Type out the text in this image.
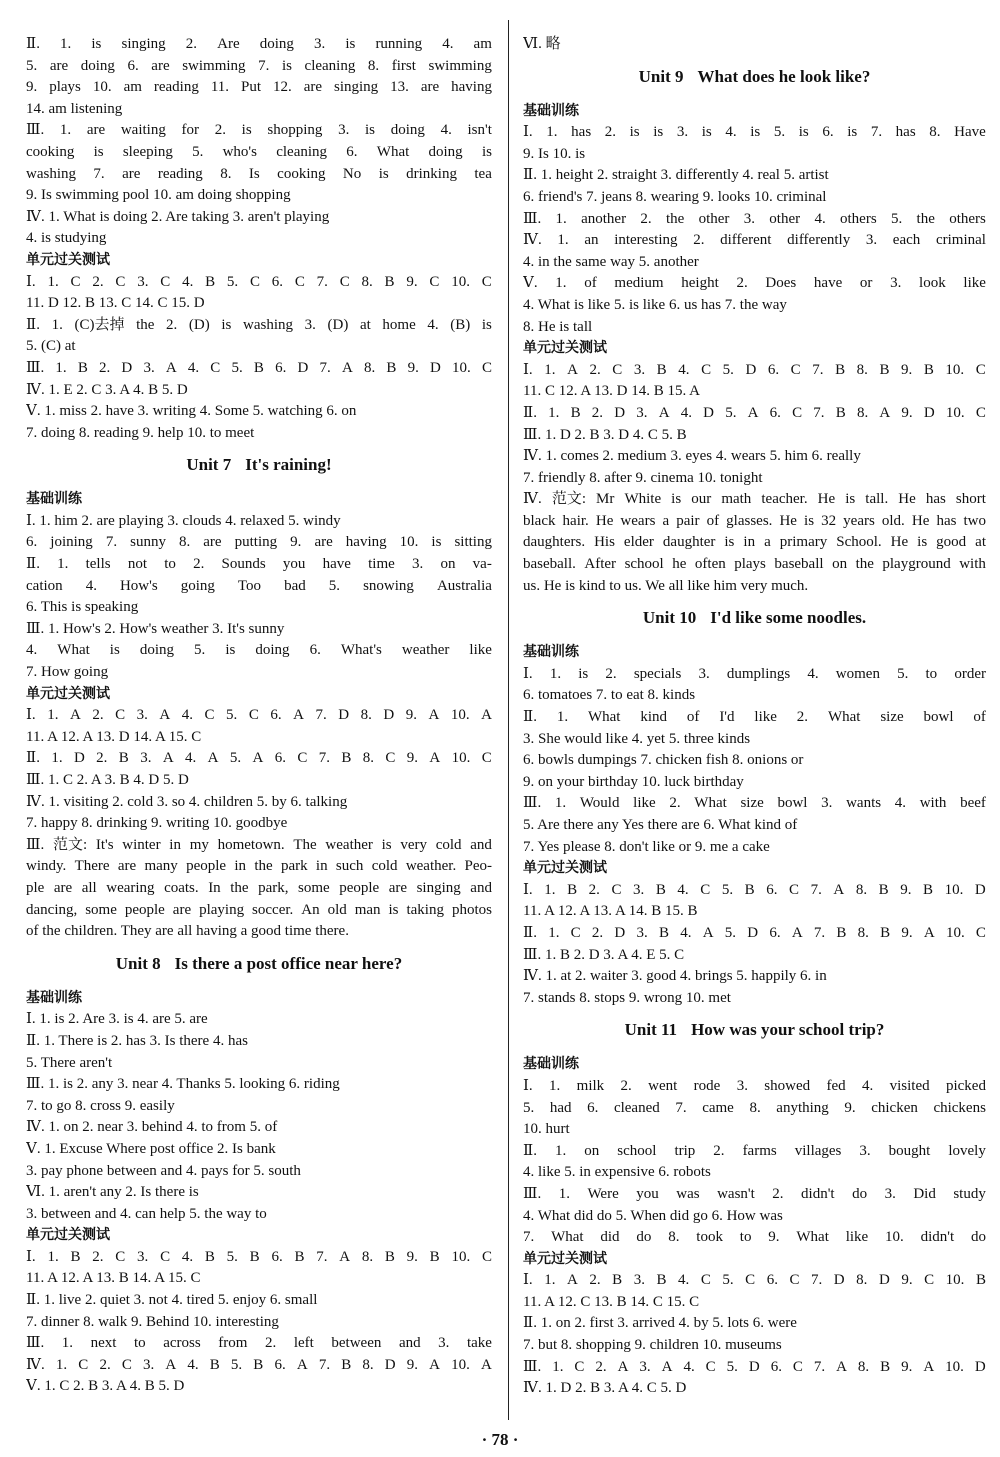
Ⅱ. 1. is singing 2. Are doing 3. is running 4. am
5. are doing 6. are swimming 7. is cleaning 8. first swimming
9. plays 10. am reading 11. Put 12. are singing 13. are having
14. am listening
Ⅲ. 1. are waiting for 2. is shopping 3. is doing 4. isn't
cooking is sleeping 5. who's cleaning 6. What doing is
washing 7. are reading 8. Is cooking No is drinking tea
9. Is swimming pool 10. am doing shopping
Ⅳ. 1. What is doing 2. Are taking 3. aren't playing
4. is studying
单元过关测试
Ⅰ. 1. C 2. C 3. C 4. B 5. C 6. C 7. C 8. B 9. C 10. C
11. D 12. B 13. C 14. C 15. D
Ⅱ. 1. (C)去掉 the 2. (D) is washing 3. (D) at home 4. (B) is
5. (C) at
Ⅲ. 1. B 2. D 3. A 4. C 5. B 6. D 7. A 8. B 9. D 10. C
Ⅳ. 1. E 2. C 3. A 4. B 5. D
Ⅴ. 1. miss 2. have 3. writing 4. Some 5. watching 6. on
7. doing 8. reading 9. help 10. to meet
Unit 7 It's raining!
基础训练
Ⅰ. 1. him 2. are playing 3. clouds 4. relaxed 5. windy
6. joining 7. sunny 8. are putting 9. are having 10. is sitting
Ⅱ. 1. tells not to 2. Sounds you have time 3. on va-
cation 4. How's going Too bad 5. snowing Australia
6. This is speaking
Ⅲ. 1. How's 2. How's weather 3. It's sunny
4. What is doing 5. is doing 6. What's weather like
7. How going
单元过关测试
Ⅰ. 1. A 2. C 3. A 4. C 5. C 6. A 7. D 8. D 9. A 10. A
11. A 12. A 13. D 14. A 15. C
Ⅱ. 1. D 2. B 3. A 4. A 5. A 6. C 7. B 8. C 9. A 10. C
Ⅲ. 1. C 2. A 3. B 4. D 5. D
Ⅳ. 1. visiting 2. cold 3. so 4. children 5. by 6. talking
7. happy 8. drinking 9. writing 10. goodbye
Ⅲ. 范文: It's winter in my hometown. The weather is very cold and
windy. There are many people in the park in such cold weather. Peo-
ple are all wearing coats. In the park, some people are singing and
dancing, some people are playing soccer. An old man is taking photos
of the children. They are all having a good time there.
Unit 8 Is there a post office near here?
基础训练
Ⅰ. 1. is 2. Are 3. is 4. are 5. are
Ⅱ. 1. There is 2. has 3. Is there 4. has
5. There aren't
Ⅲ. 1. is 2. any 3. near 4. Thanks 5. looking 6. riding
7. to go 8. cross 9. easily
Ⅳ. 1. on 2. near 3. behind 4. to from 5. of
Ⅴ. 1. Excuse Where post office 2. Is bank
3. pay phone between and 4. pays for 5. south
Ⅵ. 1. aren't any 2. Is there is
3. between and 4. can help 5. the way to
单元过关测试
Ⅰ. 1. B 2. C 3. C 4. B 5. B 6. B 7. A 8. B 9. B 10. C
11. A 12. A 13. B 14. A 15. C
Ⅱ. 1. live 2. quiet 3. not 4. tired 5. enjoy 6. small
7. dinner 8. walk 9. Behind 10. interesting
Ⅲ. 1. next to across from 2. left between and 3. take
Ⅳ. 1. C 2. C 3. A 4. B 5. B 6. A 7. B 8. D 9. A 10. A
Ⅴ. 1. C 2. B 3. A 4. B 5. D
Ⅵ. 略
Unit 9 What does he look like?
基础训练
Ⅰ. 1. has 2. is is 3. is 4. is 5. is 6. is 7. has 8. Have
9. Is 10. is
Ⅱ. 1. height 2. straight 3. differently 4. real 5. artist
6. friend's 7. jeans 8. wearing 9. looks 10. criminal
Ⅲ. 1. another 2. the other 3. other 4. others 5. the others
Ⅳ. 1. an interesting 2. different differently 3. each criminal
4. in the same way 5. another
Ⅴ. 1. of medium height 2. Does have or 3. look like
4. What is like 5. is like 6. us has 7. the way
8. He is tall
单元过关测试
Ⅰ. 1. A 2. C 3. B 4. C 5. D 6. C 7. B 8. B 9. B 10. C
11. C 12. A 13. D 14. B 15. A
Ⅱ. 1. B 2. D 3. A 4. D 5. A 6. C 7. B 8. A 9. D 10. C
Ⅲ. 1. D 2. B 3. D 4. C 5. B
Ⅳ. 1. comes 2. medium 3. eyes 4. wears 5. him 6. really
7. friendly 8. after 9. cinema 10. tonight
Ⅳ. 范文: Mr White is our math teacher. He is tall. He has short
black hair. He wears a pair of glasses. He is 32 years old. He has two
daughters. His elder daughter is in a primary School. He is good at
baseball. After school he often plays baseball on the playground with
us. He is kind to us. We all like him very much.
Unit 10 I'd like some noodles.
基础训练
Ⅰ. 1. is 2. specials 3. dumplings 4. women 5. to order
6. tomatoes 7. to eat 8. kinds
Ⅱ. 1. What kind of I'd like 2. What size bowl of
3. She would like 4. yet 5. three kinds
6. bowls dumpings 7. chicken fish 8. onions or
9. on your birthday 10. luck birthday
Ⅲ. 1. Would like 2. What size bowl 3. wants 4. with beef
5. Are there any Yes there are 6. What kind of
7. Yes please 8. don't like or 9. me a cake
单元过关测试
Ⅰ. 1. B 2. C 3. B 4. C 5. B 6. C 7. A 8. B 9. B 10. D
11. A 12. A 13. A 14. B 15. B
Ⅱ. 1. C 2. D 3. B 4. A 5. D 6. A 7. B 8. B 9. A 10. C
Ⅲ. 1. B 2. D 3. A 4. E 5. C
Ⅳ. 1. at 2. waiter 3. good 4. brings 5. happily 6. in
7. stands 8. stops 9. wrong 10. met
Unit 11 How was your school trip?
基础训练
Ⅰ. 1. milk 2. went rode 3. showed fed 4. visited picked
5. had 6. cleaned 7. came 8. anything 9. chicken chickens
10. hurt
Ⅱ. 1. on school trip 2. farms villages 3. bought lovely
4. like 5. in expensive 6. robots
Ⅲ. 1. Were you was wasn't 2. didn't do 3. Did study
4. What did do 5. When did go 6. How was
7. What did do 8. took to 9. What like 10. didn't do
单元过关测试
Ⅰ. 1. A 2. B 3. B 4. C 5. C 6. C 7. D 8. D 9. C 10. B
11. A 12. C 13. B 14. C 15. C
Ⅱ. 1. on 2. first 3. arrived 4. by 5. lots 6. were
7. but 8. shopping 9. children 10. museums
Ⅲ. 1. C 2. A 3. A 4. C 5. D 6. C 7. A 8. B 9. A 10. D
Ⅳ. 1. D 2. B 3. A 4. C 5. D
· 78 ·
